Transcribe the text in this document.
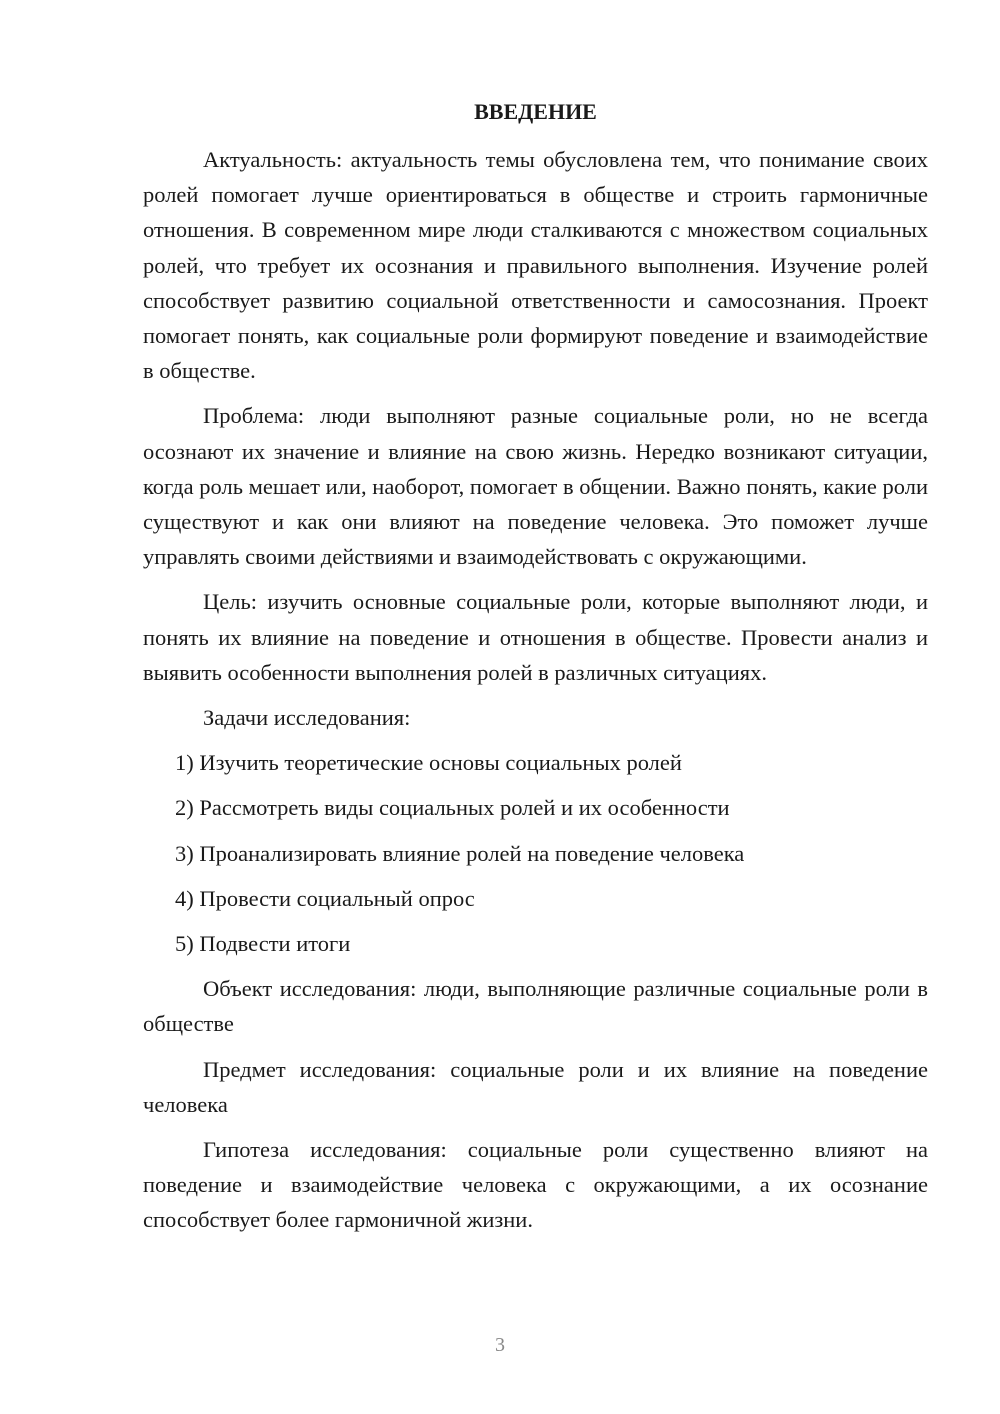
ВВЕДЕНИЕ

Актуальность: актуальность темы обусловлена тем, что понимание своих ролей помогает лучше ориентироваться в обществе и строить гармоничные отношения. В современном мире люди сталкиваются с множеством социальных ролей, что требует их осознания и правильного выполнения. Изучение ролей способствует развитию социальной ответственности и самосознания. Проект помогает понять, как социальные роли формируют поведение и взаимодействие в обществе.

Проблема: люди выполняют разные социальные роли, но не всегда осознают их значение и влияние на свою жизнь. Нередко возникают ситуации, когда роль мешает или, наоборот, помогает в общении. Важно понять, какие роли существуют и как они влияют на поведение человека. Это поможет лучше управлять своими действиями и взаимодействовать с окружающими.

Цель: изучить основные социальные роли, которые выполняют люди, и понять их влияние на поведение и отношения в обществе. Провести анализ и выявить особенности выполнения ролей в различных ситуациях.

Задачи исследования:

1) Изучить теоретические основы социальных ролей
2) Рассмотреть виды социальных ролей и их особенности
3) Проанализировать влияние ролей на поведение человека
4) Провести социальный опрос
5) Подвести итоги

Объект исследования: люди, выполняющие различные социальные роли в обществе

Предмет исследования: социальные роли и их влияние на поведение человека

Гипотеза исследования: социальные роли существенно влияют на поведение и взаимодействие человека с окружающими, а их осознание способствует более гармоничной жизни.

3
